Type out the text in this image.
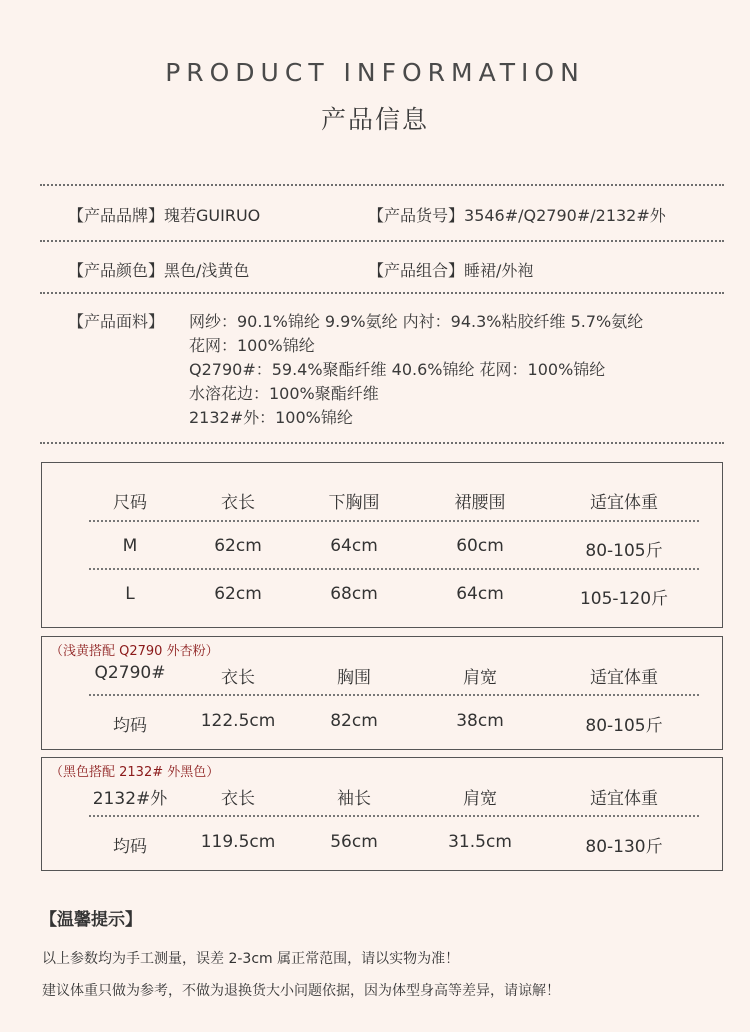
PRODUCT INFORMATION
产品信息
【产品品牌】瑰若GUIRUO	【产品货号】3546#/Q2790#/2132#外
【产品颜色】黑色/浅黄色	【产品组合】睡裙/外袍
【产品面料】 网纱：90.1%锦纶 9.9%氨纶 内衬：94.3%粘胶纤维 5.7%氨纶
花网：100%锦纶
Q2790#：59.4%聚酯纤维 40.6%锦纶 花网：100%锦纶
水溶花边：100%聚酯纤维
2132#外：100%锦纶
尺码	衣长	下胸围	裙腰围	适宜体重
M	62cm	64cm	60cm	80-105斤
L	62cm	68cm	64cm	105-120斤
（浅黄搭配 Q2790 外杏粉）
Q2790#	衣长	胸围	肩宽	适宜体重
均码	122.5cm	82cm	38cm	80-105斤
（黑色搭配 2132# 外黑色）
2132#外	衣长	袖长	肩宽	适宜体重
均码	119.5cm	56cm	31.5cm	80-130斤
【温馨提示】
以上参数均为手工测量，误差 2-3cm 属正常范围，请以实物为准！
建议体重只做为参考，不做为退换货大小问题依据，因为体型身高等差异，请谅解！
